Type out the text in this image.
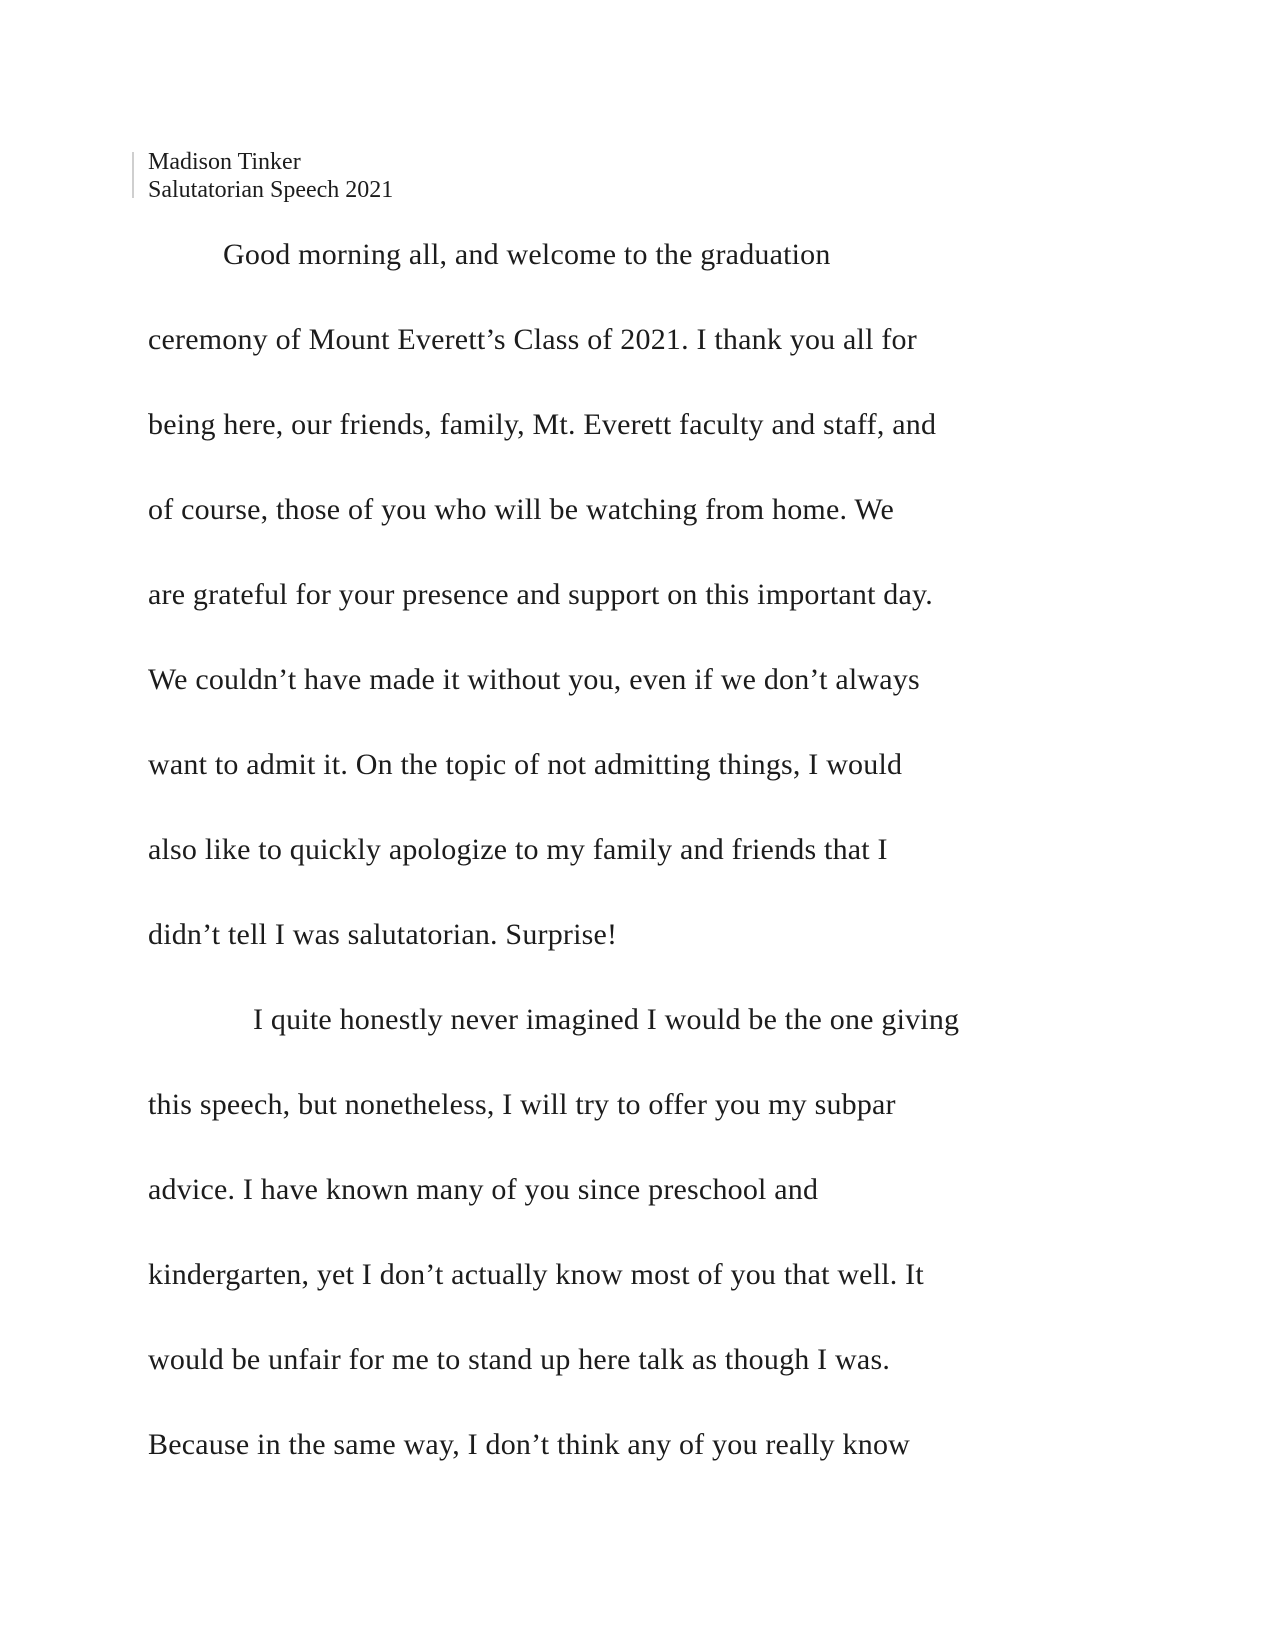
Madison Tinker
Salutatorian Speech 2021
Good morning all, and welcome to the graduation
ceremony of Mount Everett’s Class of 2021. I thank you all for
being here, our friends, family, Mt. Everett faculty and staff, and
of course, those of you who will be watching from home. We
are grateful for your presence and support on this important day.
We couldn’t have made it without you, even if we don’t always
want to admit it. On the topic of not admitting things, I would
also like to quickly apologize to my family and friends that I
didn’t tell I was salutatorian. Surprise!
I quite honestly never imagined I would be the one giving
this speech, but nonetheless, I will try to offer you my subpar
advice. I have known many of you since preschool and
kindergarten, yet I don’t actually know most of you that well. It
would be unfair for me to stand up here talk as though I was.
Because in the same way, I don’t think any of you really know
